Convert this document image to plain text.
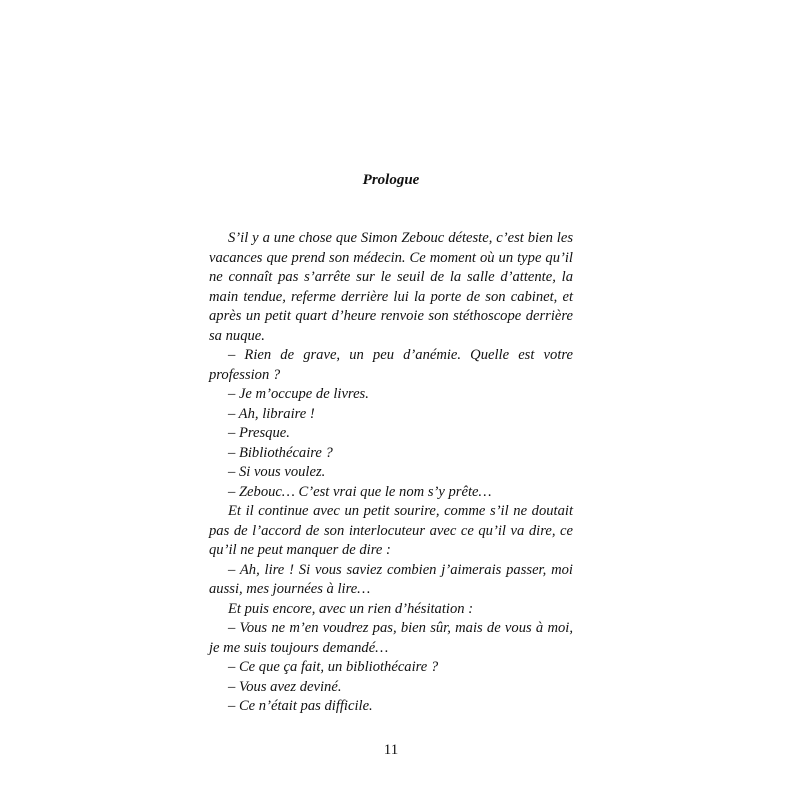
Prologue

S’il y a une chose que Simon Zebouc déteste, c’est bien les vacances que prend son médecin. Ce moment où un type qu’il ne connaît pas s’arrête sur le seuil de la salle d’attente, la main tendue, referme derrière lui la porte de son cabinet, et après un petit quart d’heure renvoie son stéthoscope derrière sa nuque.

– Rien de grave, un peu d’anémie. Quelle est votre profession ?

– Je m’occupe de livres.

– Ah, libraire !

– Presque.

– Bibliothécaire ?

– Si vous voulez.

– Zebouc… C’est vrai que le nom s’y prête…

Et il continue avec un petit sourire, comme s’il ne doutait pas de l’accord de son interlocuteur avec ce qu’il va dire, ce qu’il ne peut manquer de dire :

– Ah, lire ! Si vous saviez combien j’aimerais passer, moi aussi, mes journées à lire…

Et puis encore, avec un rien d’hésitation :

– Vous ne m’en voudrez pas, bien sûr, mais de vous à moi, je me suis toujours demandé…

– Ce que ça fait, un bibliothécaire ?

– Vous avez deviné.

– Ce n’était pas difficile.

11
